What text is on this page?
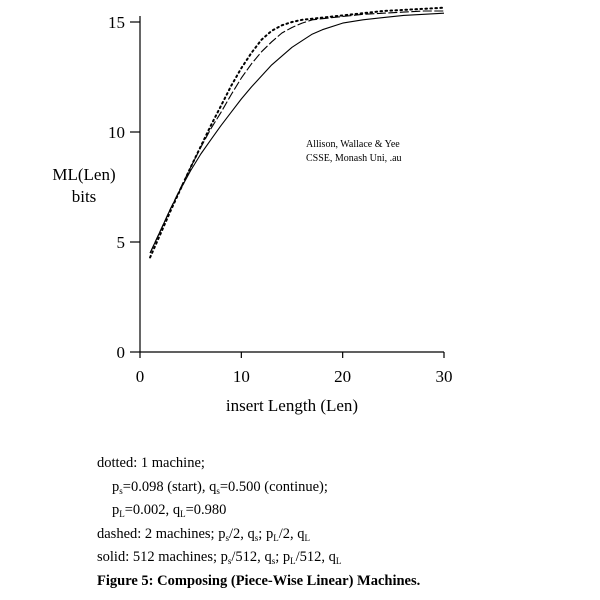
0	10	20	30
0
5
10
15
ML(Len)
bits
insert Length (Len)
Allison, Wallace & Yee
CSSE, Monash Uni, .au
dotted: 1 machine;
$p_s=0.098$ (start), $q_s=0.500$ (continue);
$p_L=0.002$, $q_L=0.980$
dashed: 2 machines; $p_s/2$, $q_s$; $p_L/2$, $q_L$
solid: 512 machines; $p_s/512$, $q_s$; $p_L/512$, $q_L$
Figure 5: Composing (Piece-Wise Linear) Machines.
